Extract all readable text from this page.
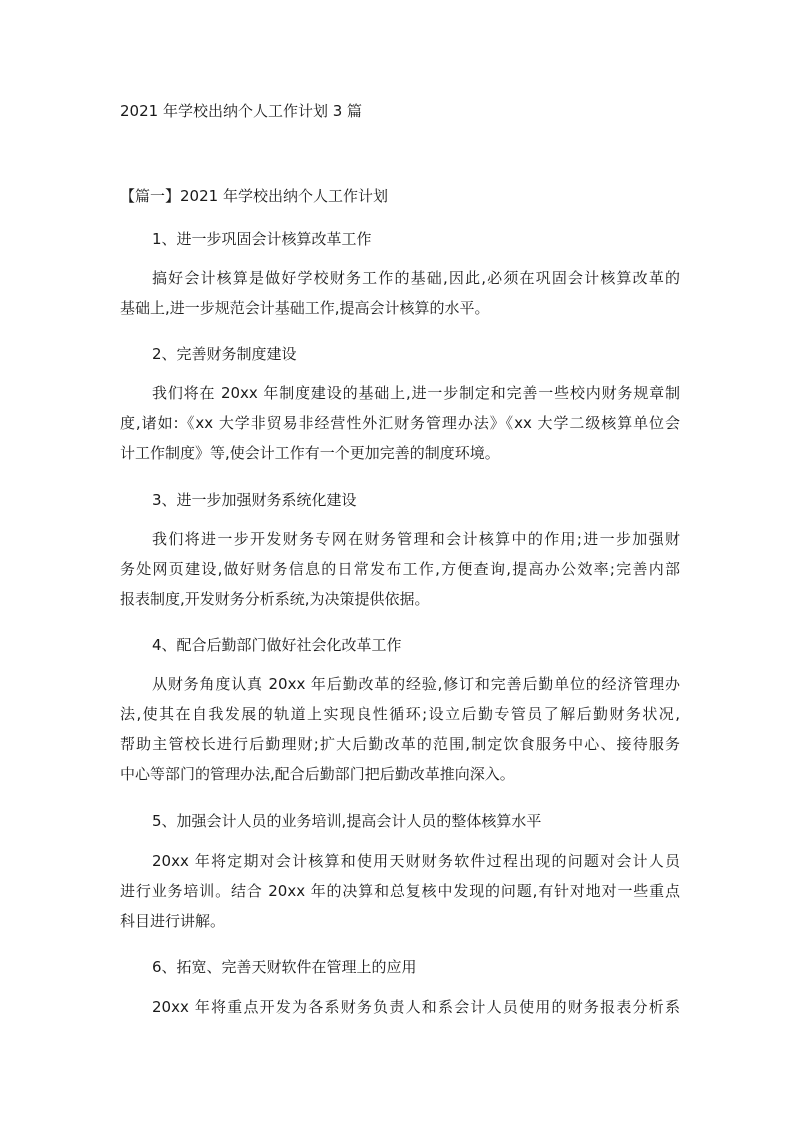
2021 年学校出纳个人工作计划 3 篇
【篇一】2021 年学校出纳个人工作计划
1、进一步巩固会计核算改革工作
搞好会计核算是做好学校财务工作的基础,因此,必须在巩固会计核算改革的
基础上,进一步规范会计基础工作,提高会计核算的水平。
2、完善财务制度建设
我们将在 20xx 年制度建设的基础上,进一步制定和完善一些校内财务规章制
度,诸如:《xx 大学非贸易非经营性外汇财务管理办法》《xx 大学二级核算单位会
计工作制度》等,使会计工作有一个更加完善的制度环境。
3、进一步加强财务系统化建设
我们将进一步开发财务专网在财务管理和会计核算中的作用;进一步加强财
务处网页建设,做好财务信息的日常发布工作,方便查询,提高办公效率;完善内部
报表制度,开发财务分析系统,为决策提供依据。
4、配合后勤部门做好社会化改革工作
从财务角度认真 20xx 年后勤改革的经验,修订和完善后勤单位的经济管理办
法,使其在自我发展的轨道上实现良性循环;设立后勤专管员了解后勤财务状况,
帮助主管校长进行后勤理财;扩大后勤改革的范围,制定饮食服务中心、接待服务
中心等部门的管理办法,配合后勤部门把后勤改革推向深入。
5、加强会计人员的业务培训,提高会计人员的整体核算水平
20xx 年将定期对会计核算和使用天财财务软件过程出现的问题对会计人员
进行业务培训。结合 20xx 年的决算和总复核中发现的问题,有针对地对一些重点
科目进行讲解。
6、拓宽、完善天财软件在管理上的应用
20xx 年将重点开发为各系财务负责人和系会计人员使用的财务报表分析系
